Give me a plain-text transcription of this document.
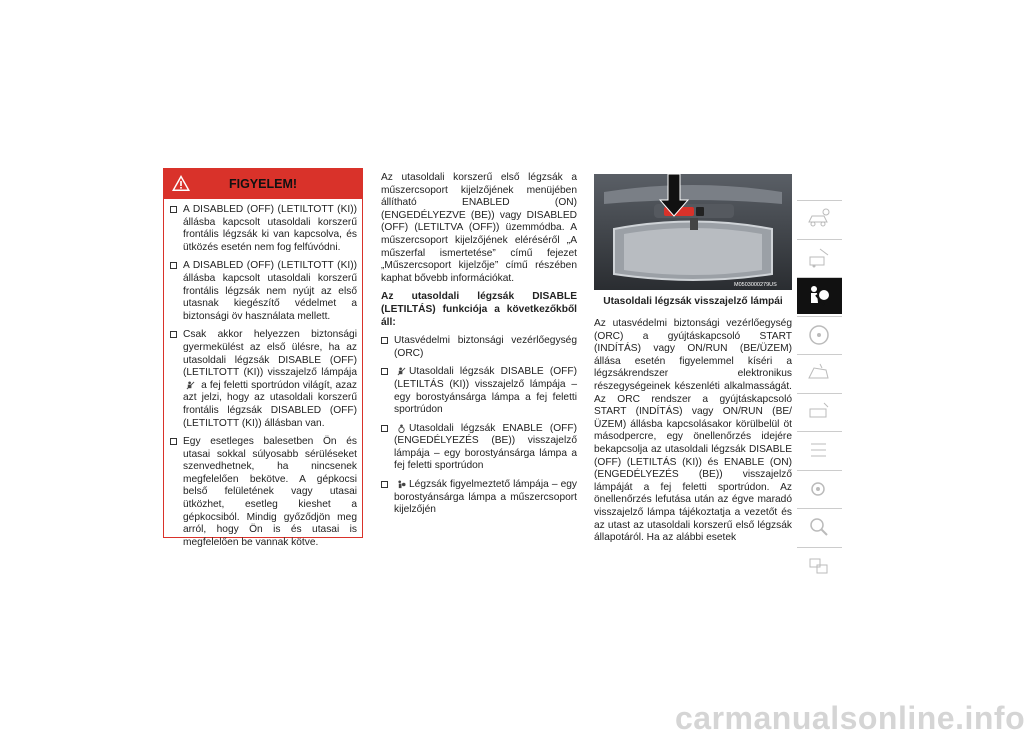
FIGYELEM!
A DISABLED (OFF) (LETILTOTT (KI)) állásba kapcsolt utasoldali korszerű frontális légzsák ki van kapcsolva, és ütközés esetén nem fog felfúvódni.
A DISABLED (OFF) (LETILTOTT (KI)) állásba kapcsolt utasoldali korszerű frontális légzsák nem nyújt az első utasnak kiegészítő védelmet a biztonsági öv használata mellett.
Csak akkor helyezzen biztonsági gyermekülést az első ülésre, ha az utasoldali légzsák DISABLE (OFF) (LETILTOTT (KI)) visszajelző lámpája  a fej feletti sportrúdon világít, azaz azt jelzi, hogy az utasoldali korszerű frontális légzsák DISABLED (OFF) (LETILTOTT (KI)) állásban van.
Egy esetleges balesetben Ön és utasai sokkal súlyosabb sérüléseket szenvedhetnek, ha nincsenek megfelelően bekötve. A gépkocsi belső felületének vagy utasai ütközhet, esetleg kieshet a gépkocsiból. Mindig győződjön meg arról, hogy Ön is és utasai is megfelelően be vannak kötve.

Az utasoldali korszerű első légzsák a műszercsoport kijelzőjének menüjében állítható ENABLED (ON) (ENGEDÉLYEZVE (BE)) vagy DISABLED (OFF) (LETILTVA (OFF)) üzemmódba. A műszercsoport kijelzőjének eléréséről „A műszerfal ismertetése” című fejezet „Műszercsoport kijelzője” című részében kaphat bővebb információkat.

Az utasoldali légzsák DISABLE (LETILTÁS) funkciója a következőkből áll:

Utasvédelmi biztonsági vezérlőegység (ORC)
Utasoldali légzsák DISABLE (OFF) (LETILTÁS (KI)) visszajelző lámpája – egy borostyánsárga lámpa a fej feletti sportrúdon
Utasoldali légzsák ENABLE (OFF) (ENGEDÉLYEZÉS (BE)) visszajelző lámpája – egy borostyánsárga lámpa a fej feletti sportrúdon
Légzsák figyelmeztető lámpája – egy borostyánsárga lámpa a műszercsoport kijelzőjén
M0503000279US
Utasoldali légzsák visszajelző lámpái

Az utasvédelmi biztonsági vezérlőegység (ORC) a gyújtáskapcsoló START (INDÍTÁS) vagy ON/RUN (BE/ÜZEM) állása esetén figyelemmel kíséri a légzsákrendszer elektronikus részegységeinek készenléti alkalmasságát. Az ORC rendszer a gyújtáskapcsoló START (INDÍTÁS) vagy ON/RUN (BE/ÜZEM) állásba kapcsolásakor körülbelül öt másodpercre, egy önellenőrzés idejére bekapcsolja az utasoldali légzsák DISABLE (OFF) (LETILTÁS (KI)) és ENABLE (ON) (ENGEDÉLYEZÉS (BE)) visszajelző lámpáját a fej feletti sportrúdon. Az önellenőrzés lefutása után az égve maradó visszajelző lámpa tájékoztatja a vezetőt és az utast az utasoldali korszerű első légzsák állapotáról. Ha az alábbi esetek

carmanualsonline.info
